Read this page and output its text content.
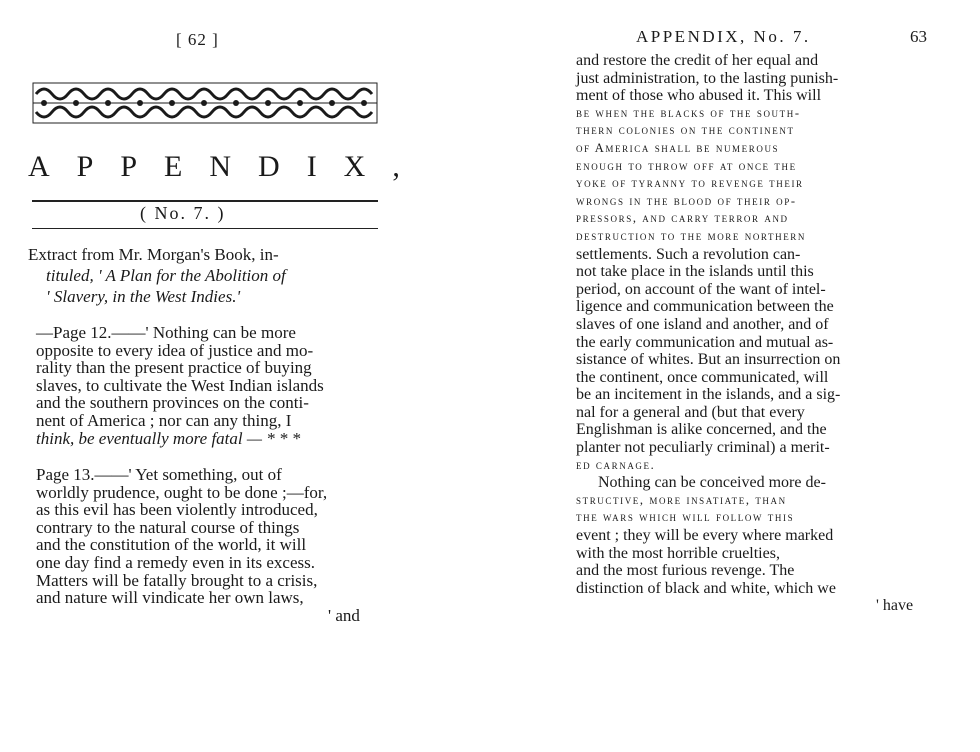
[ 62 ]
APPENDIX,
( No. 7. )
Extract from Mr. Morgan's Book, in-
tituled, ' A Plan for the Abolition of
' Slavery, in the West Indies.'
—Page 12.——' Nothing can be more
opposite to every idea of justice and mo-
rality than the present practice of buying
slaves, to cultivate the West Indian islands
and the southern provinces on the conti-
nent of America ; nor can any thing, I
think, be eventually more fatal — * * *
Page 13.——' Yet something, out of
worldly prudence, ought to be done ;—for,
as this evil has been violently introduced,
contrary to the natural course of things
and the constitution of the world, it will
one day find a remedy even in its excess.
Matters will be fatally brought to a crisis,
and nature will vindicate her own laws,
' and
APPENDIX, No. 7.	63
and restore the credit of her equal and
just administration, to the lasting punish-
ment of those who abused it. This will
be when the blacks of the south-
thern colonies on the continent
of America shall be numerous
enough to throw off at once the
yoke of tyranny to revenge their
wrongs in the blood of their op-
pressors, and carry terror and
destruction to the more northern
settlements. Such a revolution can-
not take place in the islands until this
period, on account of the want of intel-
ligence and communication between the
slaves of one island and another, and of
the early communication and mutual as-
sistance of whites. But an insurrection on
the continent, once communicated, will
be an incitement in the islands, and a sig-
nal for a general and (but that every
Englishman is alike concerned, and the
planter not peculiarly criminal) a merit-
ed carnage.
Nothing can be conceived more de-
structive, more insatiate, than
the wars which will follow this
event ; they will be every where marked
with the most horrible cruelties,
and the most furious revenge. The
distinction of black and white, which we
' have
